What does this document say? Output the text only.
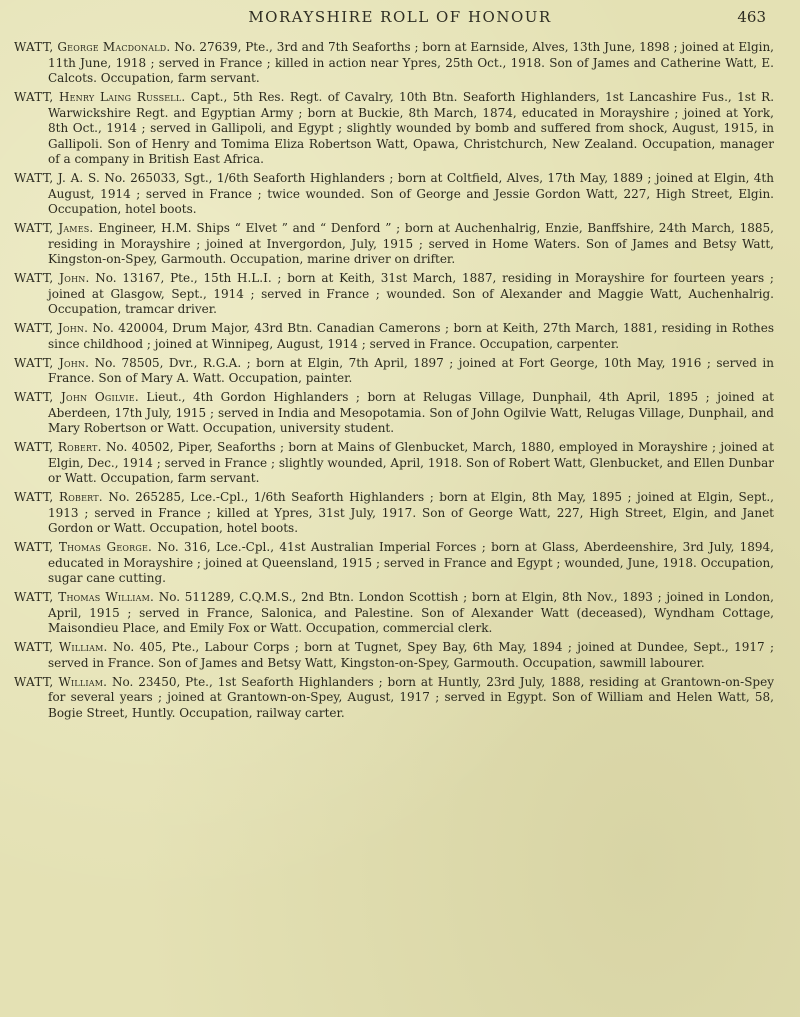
MORAYSHIRE ROLL OF HONOUR	463

WATT, George Macdonald. No. 27639, Pte., 3rd and 7th Seaforths ; born at Earnside, Alves, 13th June, 1898 ; joined at Elgin, 11th June, 1918 ; served in France ; killed in action near Ypres, 25th Oct., 1918. Son of James and Catherine Watt, E. Calcots. Occupation, farm servant.

WATT, Henry Laing Russell. Capt., 5th Res. Regt. of Cavalry, 10th Btn. Seaforth Highlanders, 1st Lancashire Fus., 1st R. Warwickshire Regt. and Egyptian Army ; born at Buckie, 8th March, 1874, educated in Morayshire ; joined at York, 8th Oct., 1914 ; served in Gallipoli, and Egypt ; slightly wounded by bomb and suffered from shock, August, 1915, in Gallipoli. Son of Henry and Tomima Eliza Robertson Watt, Opawa, Christchurch, New Zealand. Occupation, manager of a company in British East Africa.

WATT, J. A. S. No. 265033, Sgt., 1/6th Seaforth Highlanders ; born at Coltfield, Alves, 17th May, 1889 ; joined at Elgin, 4th August, 1914 ; served in France ; twice wounded. Son of George and Jessie Gordon Watt, 227, High Street, Elgin. Occupation, hotel boots.

WATT, James. Engineer, H.M. Ships “ Elvet ” and “ Denford ” ; born at Auchenhalrig, Enzie, Banffshire, 24th March, 1885, residing in Morayshire ; joined at Invergordon, July, 1915 ; served in Home Waters. Son of James and Betsy Watt, Kingston-on-Spey, Garmouth. Occupation, marine driver on drifter.

WATT, John. No. 13167, Pte., 15th H.L.I. ; born at Keith, 31st March, 1887, residing in Morayshire for fourteen years ; joined at Glasgow, Sept., 1914 ; served in France ; wounded. Son of Alexander and Maggie Watt, Auchenhalrig. Occupation, tramcar driver.

WATT, John. No. 420004, Drum Major, 43rd Btn. Canadian Camerons ; born at Keith, 27th March, 1881, residing in Rothes since childhood ; joined at Winnipeg, August, 1914 ; served in France. Occupation, carpenter.

WATT, John. No. 78505, Dvr., R.G.A. ; born at Elgin, 7th April, 1897 ; joined at Fort George, 10th May, 1916 ; served in France. Son of Mary A. Watt. Occupation, painter.

WATT, John Ogilvie. Lieut., 4th Gordon Highlanders ; born at Relugas Village, Dunphail, 4th April, 1895 ; joined at Aberdeen, 17th July, 1915 ; served in India and Mesopotamia. Son of John Ogilvie Watt, Relugas Village, Dunphail, and Mary Robertson or Watt. Occupation, university student.

WATT, Robert. No. 40502, Piper, Seaforths ; born at Mains of Glenbucket, March, 1880, employed in Morayshire ; joined at Elgin, Dec., 1914 ; served in France ; slightly wounded, April, 1918. Son of Robert Watt, Glenbucket, and Ellen Dunbar or Watt. Occupation, farm servant.

WATT, Robert. No. 265285, Lce.-Cpl., 1/6th Seaforth Highlanders ; born at Elgin, 8th May, 1895 ; joined at Elgin, Sept., 1913 ; served in France ; killed at Ypres, 31st July, 1917. Son of George Watt, 227, High Street, Elgin, and Janet Gordon or Watt. Occupation, hotel boots.

WATT, Thomas George. No. 316, Lce.-Cpl., 41st Australian Imperial Forces ; born at Glass, Aberdeenshire, 3rd July, 1894, educated in Morayshire ; joined at Queensland, 1915 ; served in France and Egypt ; wounded, June, 1918. Occupation, sugar cane cutting.

WATT, Thomas William. No. 511289, C.Q.M.S., 2nd Btn. London Scottish ; born at Elgin, 8th Nov., 1893 ; joined in London, April, 1915 ; served in France, Salonica, and Palestine. Son of Alexander Watt (deceased), Wyndham Cottage, Maisondieu Place, and Emily Fox or Watt. Occupation, commercial clerk.

WATT, William. No. 405, Pte., Labour Corps ; born at Tugnet, Spey Bay, 6th May, 1894 ; joined at Dundee, Sept., 1917 ; served in France. Son of James and Betsy Watt, Kingston-on-Spey, Garmouth. Occupation, sawmill labourer.

WATT, William. No. 23450, Pte., 1st Seaforth Highlanders ; born at Huntly, 23rd July, 1888, residing at Grantown-on-Spey for several years ; joined at Grantown-on-Spey, August, 1917 ; served in Egypt. Son of William and Helen Watt, 58, Bogie Street, Huntly. Occupation, railway carter.
